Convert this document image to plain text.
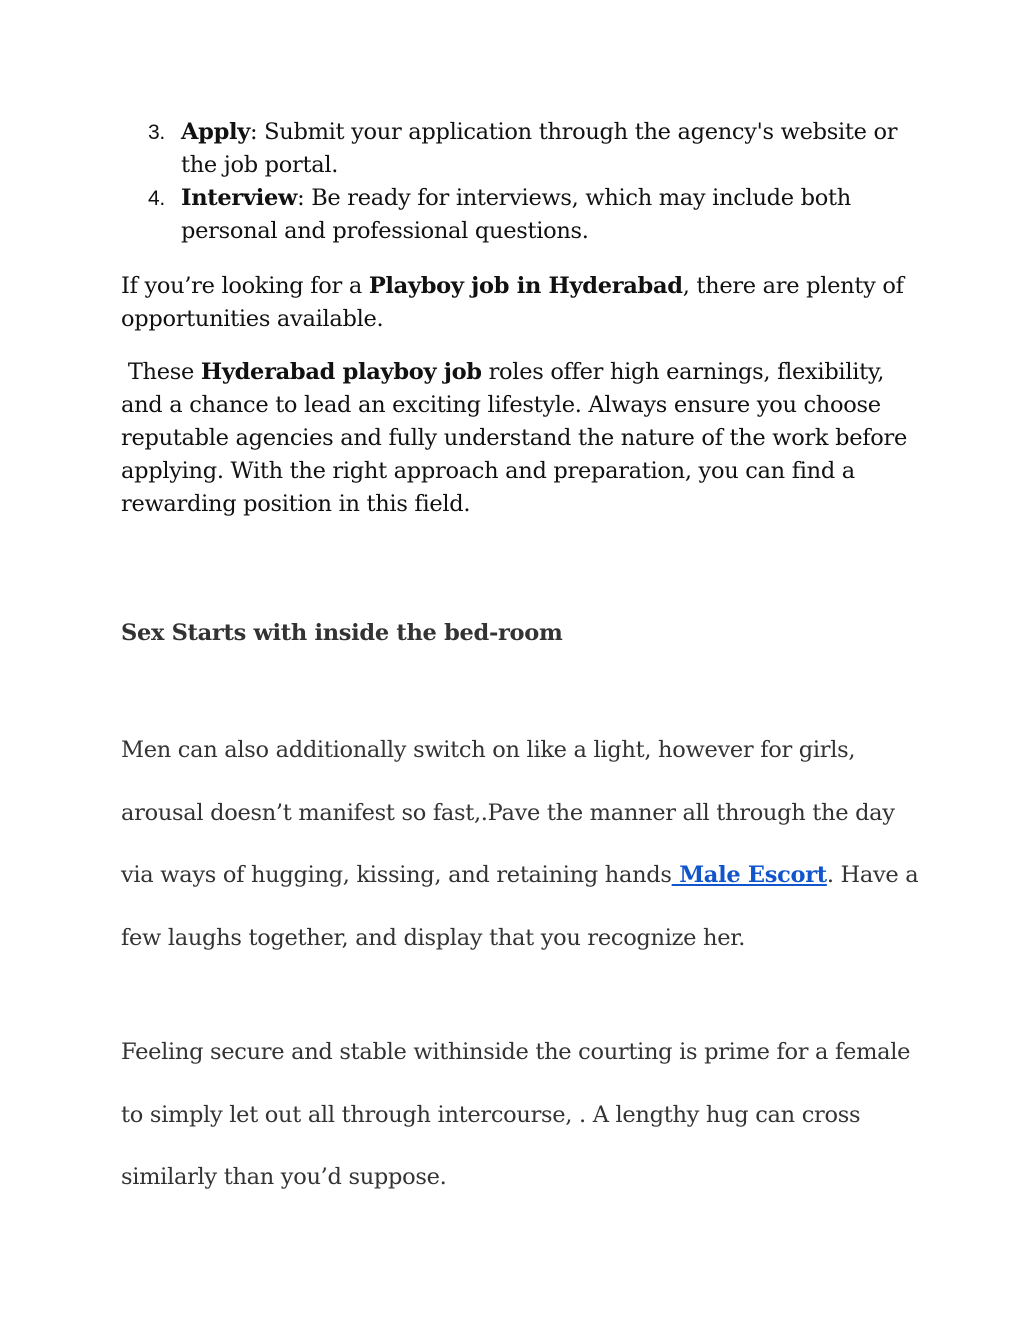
3. Apply: Submit your application through the agency's website or the job portal.
4. Interview: Be ready for interviews, which may include both personal and professional questions.
If you’re looking for a Playboy job in Hyderabad, there are plenty of opportunities available.
These Hyderabad playboy job roles offer high earnings, flexibility, and a chance to lead an exciting lifestyle. Always ensure you choose reputable agencies and fully understand the nature of the work before applying. With the right approach and preparation, you can find a rewarding position in this field.
Sex Starts with inside the bed-room
Men can also additionally switch on like a light, however for girls, arousal doesn’t manifest so fast,.Pave the manner all through the day via ways of hugging, kissing, and retaining hands Male Escort. Have a few laughs together, and display that you recognize her.
Feeling secure and stable withinside the courting is prime for a female to simply let out all through intercourse, . A lengthy hug can cross similarly than you’d suppose.
